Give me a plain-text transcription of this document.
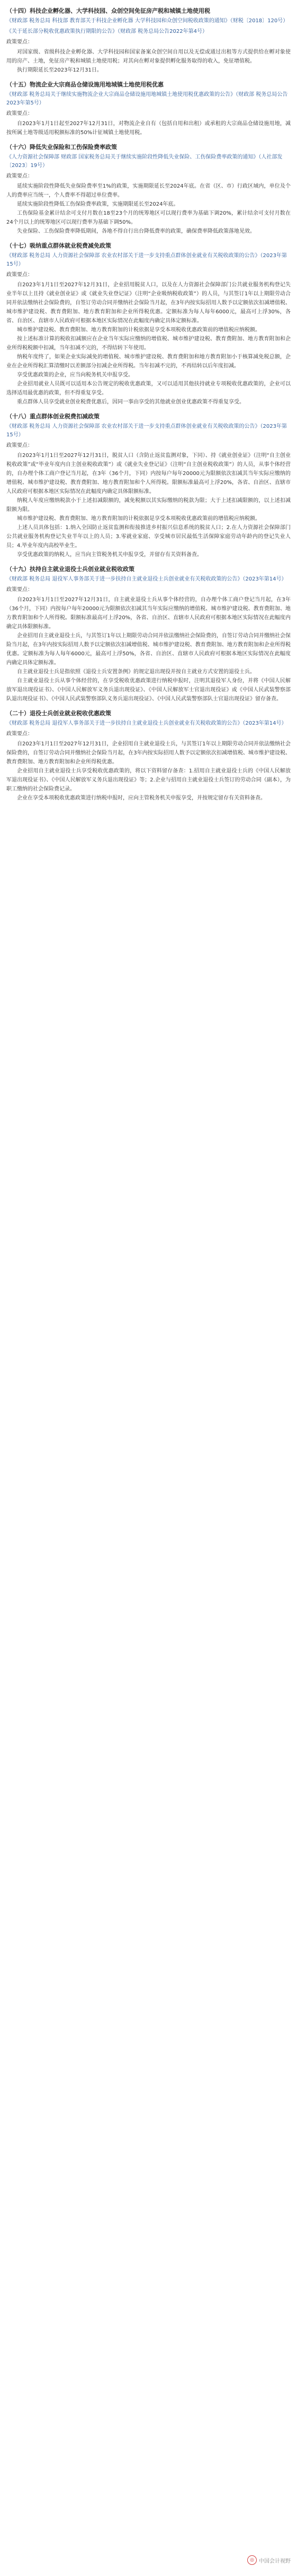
（十四）科技企业孵化器、大学科技园、众创空间免征房产税和城镇土地使用税
《财政部 税务总局 科技部 教育部关于科技企业孵化器 大学科技园和众创空间税收政策的通知》（财税〔2018〕120号）
《关于延长部分税收优惠政策执行期限的公告》（财政部 税务总局公告2022年第4号）
政策要点：

对国家级、省级科技企业孵化器、大学科技园和国家备案众创空间自用以及无偿或通过出租等方式提供给在孵对象使用的房产、土地，免征房产税和城镇土地使用税；对其向在孵对象提供孵化服务取得的收入，免征增值税。

执行期限延长至2023年12月31日。

（十五）物流企业大宗商品仓储设施用地城镇土地使用税优惠
《财政部 税务总局关于继续实施物流企业大宗商品仓储设施用地城镇土地使用税优惠政策的公告》（财政部 税务总局公告2023年第5号）
政策要点：

自2023年1月1日起至2027年12月31日，对物流企业自有（包括自用和出租）或承租的大宗商品仓储设施用地，减按所属土地等级适用税额标准的50%计征城镇土地使用税。

（十六）降低失业保险和工伤保险费率政策
《人力资源社会保障部 财政部 国家税务总局关于继续实施阶段性降低失业保险、工伤保险费率政策的通知》（人社部发〔2023〕19号）
政策要点：

延续实施阶段性降低失业保险费率至1%的政策，实施期限延长至2024年底。在省（区、市）行政区域内，单位及个人的费率应当统一，个人费率不得超过单位费率。

延续实施阶段性降低工伤保险费率政策，实施期限延长至2024年底。

工伤保险基金累计结余可支付月数在18至23个月的统筹地区可以现行费率为基础下调20%，累计结余可支付月数在24个月以上的统筹地区可以现行费率为基础下调50%。

失业保险、工伤保险费率降低期间，各地不得自行出台降低费率的政策，确保费率降低政策落地见效。

（十七）吸纳重点群体就业税费减免政策
《财政部 税务总局 人力资源社会保障部 农业农村部关于进一步支持重点群体创业就业有关税收政策的公告》（2023年第15号）
政策要点：

自2023年1月1日至2027年12月31日，企业招用脱贫人口，以及在人力资源社会保障部门公共就业服务机构登记失业半年以上且持《就业创业证》或《就业失业登记证》（注明“企业吸纳税收政策”）的人员，与其签订1年以上期限劳动合同并依法缴纳社会保险费的，自签订劳动合同并缴纳社会保险当月起，在3年内按实际招用人数予以定额依次扣减增值税、城市维护建设税、教育费附加、地方教育附加和企业所得税优惠。定额标准为每人每年6000元，最高可上浮30%，各省、自治区、直辖市人民政府可根据本地区实际情况在此幅度内确定具体定额标准。

城市维护建设税、教育费附加、地方教育附加的计税依据是享受本项税收优惠政策前的增值税应纳税额。

按上述标准计算的税收扣减额应在企业当年实际应缴纳的增值税、城市维护建设税、教育费附加、地方教育附加和企业所得税税额中扣减，当年扣减不完的，不得结转下年使用。

纳税年度终了，如果企业实际减免的增值税、城市维护建设税、教育费附加和地方教育附加小于核算减免税总额，企业在企业所得税汇算清缴时以差额部分扣减企业所得税。当年扣减不完的，不再结转以后年度扣减。

享受优惠政策的企业，应当向税务机关申报享受。

企业招用就业人员既可以适用本公告规定的税收优惠政策，又可以适用其他扶持就业专项税收优惠政策的，企业可以选择适用最优惠的政策，但不得重复享受。

重点群体人员享受就业创业税费优惠后，因同一事由享受的其他就业创业优惠政策不得重复享受。

（十八）重点群体创业税费扣减政策
《财政部 税务总局 人力资源社会保障部 农业农村部关于进一步支持重点群体创业就业有关税收政策的公告》（2023年第15号）
政策要点：

自2023年1月1日至2027年12月31日，脱贫人口（含防止返贫监测对象，下同）、持《就业创业证》（注明“自主创业税收政策”或“毕业年度内自主创业税收政策”）或《就业失业登记证》（注明“自主创业税收政策”）的人员，从事个体经营的，自办理个体工商户登记当月起，在3年（36个月，下同）内按每户每年20000元为限额依次扣减其当年实际应缴纳的增值税、城市维护建设税、教育费附加、地方教育附加和个人所得税。限额标准最高可上浮20%，各省、自治区、直辖市人民政府可根据本地区实际情况在此幅度内确定具体限额标准。

纳税人年度应缴纳税款小于上述扣减限额的，减免税额以其实际缴纳的税款为限；大于上述扣减限额的，以上述扣减限额为限。

城市维护建设税、教育费附加、地方教育附加的计税依据是享受本项税收优惠政策前的增值税应纳税额。

上述人员具体包括：1.纳入全国防止返贫监测和衔接推进乡村振兴信息系统的脱贫人口；2.在人力资源社会保障部门公共就业服务机构登记失业半年以上的人员；3.零就业家庭、享受城市居民最低生活保障家庭劳动年龄内的登记失业人员；4.毕业年度内高校毕业生。

享受优惠政策的纳税人，应当向主管税务机关申报享受，并留存有关资料备查。

（十九）扶持自主就业退役士兵创业就业税收政策
《财政部 税务总局 退役军人事务部关于进一步扶持自主就业退役士兵创业就业有关税收政策的公告》（2023年第14号）
政策要点：

自2023年1月1日至2027年12月31日，自主就业退役士兵从事个体经营的，自办理个体工商户登记当月起，在3年（36个月，下同）内按每户每年20000元为限额依次扣减其当年实际应缴纳的增值税、城市维护建设税、教育费附加、地方教育附加和个人所得税。限额标准最高可上浮20%，各省、自治区、直辖市人民政府可根据本地区实际情况在此幅度内确定具体限额标准。

企业招用自主就业退役士兵，与其签订1年以上期限劳动合同并依法缴纳社会保险费的，自签订劳动合同并缴纳社会保险当月起，在3年内按实际招用人数予以定额依次扣减增值税、城市维护建设税、教育费附加、地方教育附加和企业所得税优惠。定额标准为每人每年6000元，最高可上浮50%，各省、自治区、直辖市人民政府可根据本地区实际情况在此幅度内确定具体定额标准。

自主就业退役士兵是指依照《退役士兵安置条例》的规定退出现役并按自主就业方式安置的退役士兵。

自主就业退役士兵从事个体经营的，在享受税收优惠政策进行纳税申报时，注明其退役军人身份，并将《中国人民解放军退出现役证书》、《中国人民解放军义务兵退出现役证》、《中国人民解放军士官退出现役证》或《中国人民武装警察部队退出现役证书》、《中国人民武装警察部队义务兵退出现役证》、《中国人民武装警察部队士官退出现役证》留存备查。

（二十）退役士兵创业就业税收优惠政策
《财政部 税务总局 退役军人事务部关于进一步扶持自主就业退役士兵创业就业有关税收政策的公告》（2023年第14号）
政策要点：

自2023年1月1日至2027年12月31日，企业招用自主就业退役士兵，与其签订1年以上期限劳动合同并依法缴纳社会保险费的，自签订劳动合同并缴纳社会保险当月起，在3年内按实际招用人数予以定额依次扣减增值税、城市维护建设税、教育费附加、地方教育附加和企业所得税优惠。

企业招用自主就业退役士兵享受税收优惠政策的，将以下资料留存备查：1.招用自主就业退役士兵的《中国人民解放军退出现役证书》、《中国人民解放军义务兵退出现役证》等；2.企业与招用自主就业退役士兵签订的劳动合同（副本），为职工缴纳的社会保险费记录。

企业在享受本项税收优惠政策进行纳税申报时，应向主管税务机关申报享受，并按规定留存有关资料备查。

◎ 中国会计视野
